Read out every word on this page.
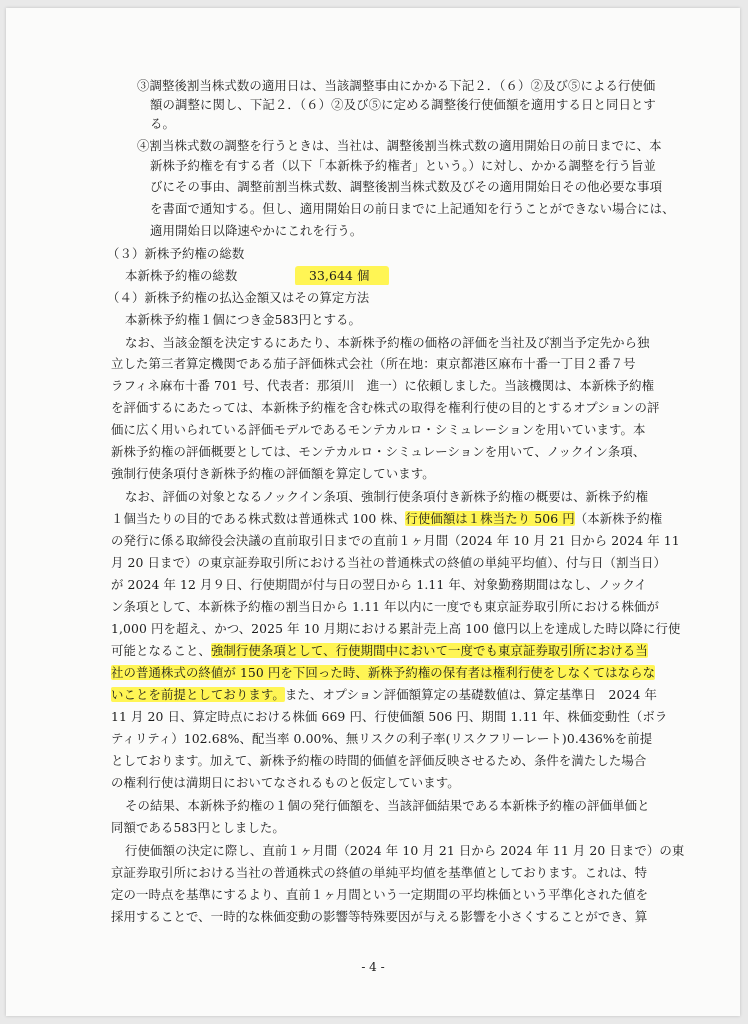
③調整後割当株式数の適用日は、当該調整事由にかかる下記２．（６）②及び⑤による行使価

額の調整に関し、下記２．（６）②及び⑤に定める調整後行使価額を適用する日と同日とす

る。

④割当株式数の調整を行うときは、当社は、調整後割当株式数の適用開始日の前日までに、本

新株予約権を有する者（以下「本新株予約権者」という。）に対し、かかる調整を行う旨並

びにその事由、調整前割当株式数、調整後割当株式数及びその適用開始日その他必要な事項

を書面で通知する。但し、適用開始日の前日までに上記通知を行うことができない場合には、

適用開始日以降速やかにこれを行う。

（３）新株予約権の総数

本新株予約権の総数

（４）新株予約権の払込金額又はその算定方法

本新株予約権１個につき金583円とする。

なお、当該金額を決定するにあたり、本新株予約権の価格の評価を当社及び割当予定先から独

立した第三者算定機関である茄子評価株式会社（所在地：東京都港区麻布十番一丁目２番７号

ラフィネ麻布十番 701 号、代表者：那須川　進一）に依頼しました。当該機関は、本新株予約権

を評価するにあたっては、本新株予約権を含む株式の取得を権利行使の目的とするオプションの評

価に広く用いられている評価モデルであるモンテカルロ・シミュレーションを用いています。本

新株予約権の評価概要としては、モンテカルロ・シミュレーションを用いて、ノックイン条項、

強制行使条項付き新株予約権の評価額を算定しています。

なお、評価の対象となるノックイン条項、強制行使条項付き新株予約権の概要は、新株予約権

１個当たりの目的である株式数は普通株式 100 株、行使価額は１株当たり 506 円（本新株予約権

の発行に係る取締役会決議の直前取引日までの直前１ヶ月間（2024 年 10 月 21 日から 2024 年 11

月 20 日まで）の東京証券取引所における当社の普通株式の終値の単純平均値）、付与日（割当日）

が 2024 年 12 月９日、行使期間が付与日の翌日から 1.11 年、対象勤務期間はなし、ノックイ

ン条項として、本新株予約権の割当日から 1.11 年以内に一度でも東京証券取引所における株価が

1,000 円を超え、かつ、2025 年 10 月期における累計売上高 100 億円以上を達成した時以降に行使

可能となること、強制行使条項として、行使期間中において一度でも東京証券取引所における当

社の普通株式の終値が 150 円を下回った時、新株予約権の保有者は権利行使をしなくてはならな

いことを前提としております。また、オプション評価額算定の基礎数値は、算定基準日　2024 年

11 月 20 日、算定時点における株価 669 円、行使価額 506 円、期間 1.11 年、株価変動性（ボラ

ティリティ）102.68%、配当率 0.00%、無リスクの利子率(リスクフリーレート)0.436%を前提

としております。加えて、新株予約権の時間的価値を評価反映させるため、条件を満たした場合

の権利行使は満期日においてなされるものと仮定しています。

その結果、本新株予約権の１個の発行価額を、当該評価結果である本新株予約権の評価単価と

同額である583円としました。

行使価額の決定に際し、直前１ヶ月間（2024 年 10 月 21 日から 2024 年 11 月 20 日まで）の東

京証券取引所における当社の普通株式の終値の単純平均値を基準値としております。これは、特

定の一時点を基準にするより、直前１ヶ月間という一定期間の平均株価という平準化された値を

採用することで、一時的な株価変動の影響等特殊要因が与える影響を小さくすることができ、算

33,644 個

- 4 -
